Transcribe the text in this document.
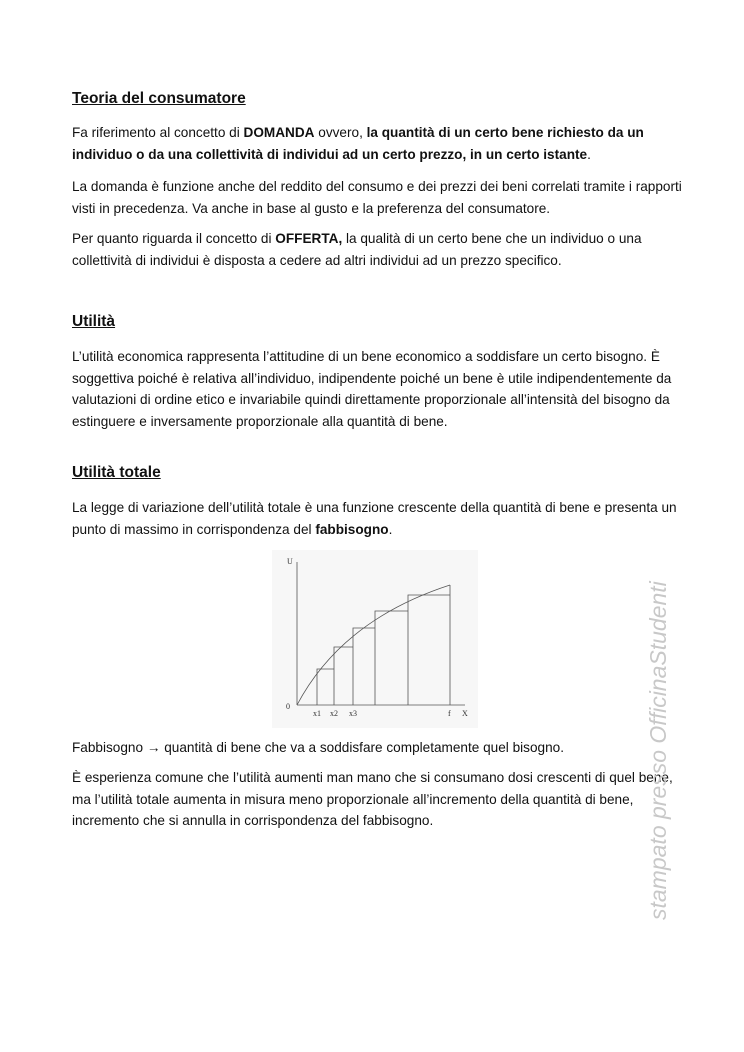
Teoria del consumatore
Fa riferimento al concetto di DOMANDA ovvero, la quantità di un certo bene richiesto da un individuo o da una collettività di individui ad un certo prezzo, in un certo istante.
La domanda è funzione anche del reddito del consumo e dei prezzi dei beni correlati tramite i rapporti visti in precedenza. Va anche in base al gusto e la preferenza del consumatore.
Per quanto riguarda il concetto di OFFERTA, la qualità di un certo bene che un individuo o una collettività di individui è disposta a cedere ad altri individui ad un prezzo specifico.
Utilità
L’utilità economica rappresenta l’attitudine di un bene economico a soddisfare un certo bisogno. È soggettiva poiché è relativa all’individuo, indipendente poiché un bene è utile indipendentemente da valutazioni di ordine etico e invariabile quindi direttamente proporzionale all’intensità del bisogno da estinguere e inversamente proporzionale alla quantità di bene.
Utilità totale
La legge di variazione dell’utilità totale è una funzione crescente della quantità di bene e presenta un punto di massimo in corrispondenza del fabbisogno.
U
0
X
x1 x2 x3	f
Fabbisogno → quantità di bene che va a soddisfare completamente quel bisogno.
È esperienza comune che l’utilità aumenti man mano che si consumano dosi crescenti di quel bene, ma l’utilità totale aumenta in misura meno proporzionale all’incremento della quantità di bene, incremento che si annulla in corrispondenza del fabbisogno.	stampato presso OfficinaStudenti
